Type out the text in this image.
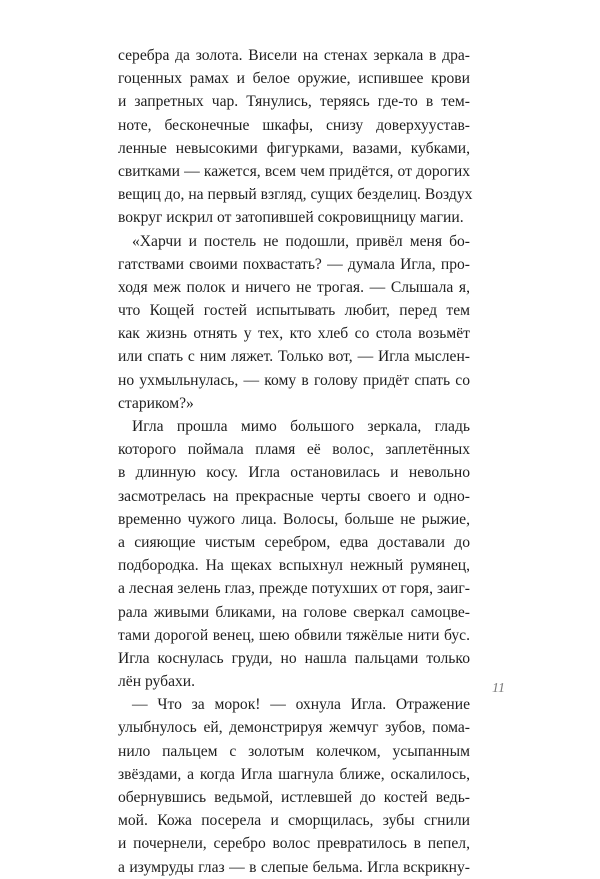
серебра да золота. Висели на стенах зеркала в дра-
гоценных рамах и белое оружие, испившее крови
и запретных чар. Тянулись, теряясь где-то в тем-
ноте, бесконечные шкафы, снизу доверхуустав-
ленные невысокими фигурками, вазами, кубками,
свитками — кажется, всем чем придётся, от дорогих
вещиц до, на первый взгляд, сущих безделиц. Воздух
вокруг искрил от затопившей сокровищницу магии.
«Харчи и постель не подошли, привёл меня бо-
гатствами своими похвастать? — думала Игла, про-
ходя меж полок и ничего не трогая. — Слышала я,
что Кощей гостей испытывать любит, перед тем
как жизнь отнять у тех, кто хлеб со стола возьмёт
или спать с ним ляжет. Только вот, — Игла мыслен-
но ухмыльнулась, — кому в голову придёт спать со
стариком?»
Игла прошла мимо большого зеркала, гладь
которого поймала пламя её волос, заплетённых
в длинную косу. Игла остановилась и невольно
засмотрелась на прекрасные черты своего и одно-
временно чужого лица. Волосы, больше не рыжие,
а сияющие чистым серебром, едва доставали до
подбородка. На щеках вспыхнул нежный румянец,
а лесная зелень глаз, прежде потухших от горя, заиг-
рала живыми бликами, на голове сверкал самоцве-
тами дорогой венец, шею обвили тяжёлые нити бус.
Игла коснулась груди, но нашла пальцами только
лён рубахи.
— Что за морок! — охнула Игла. Отражение
улыбнулось ей, демонстрируя жемчуг зубов, пома-
нило пальцем с золотым колечком, усыпанным
звёздами, а когда Игла шагнула ближе, оскалилось,
обернувшись ведьмой, истлевшей до костей ведь-
мой. Кожа посерела и сморщилась, зубы сгнили
и почернели, серебро волос превратилось в пепел,
а изумруды глаз — в слепые бельма. Игла вскрикну-
11
